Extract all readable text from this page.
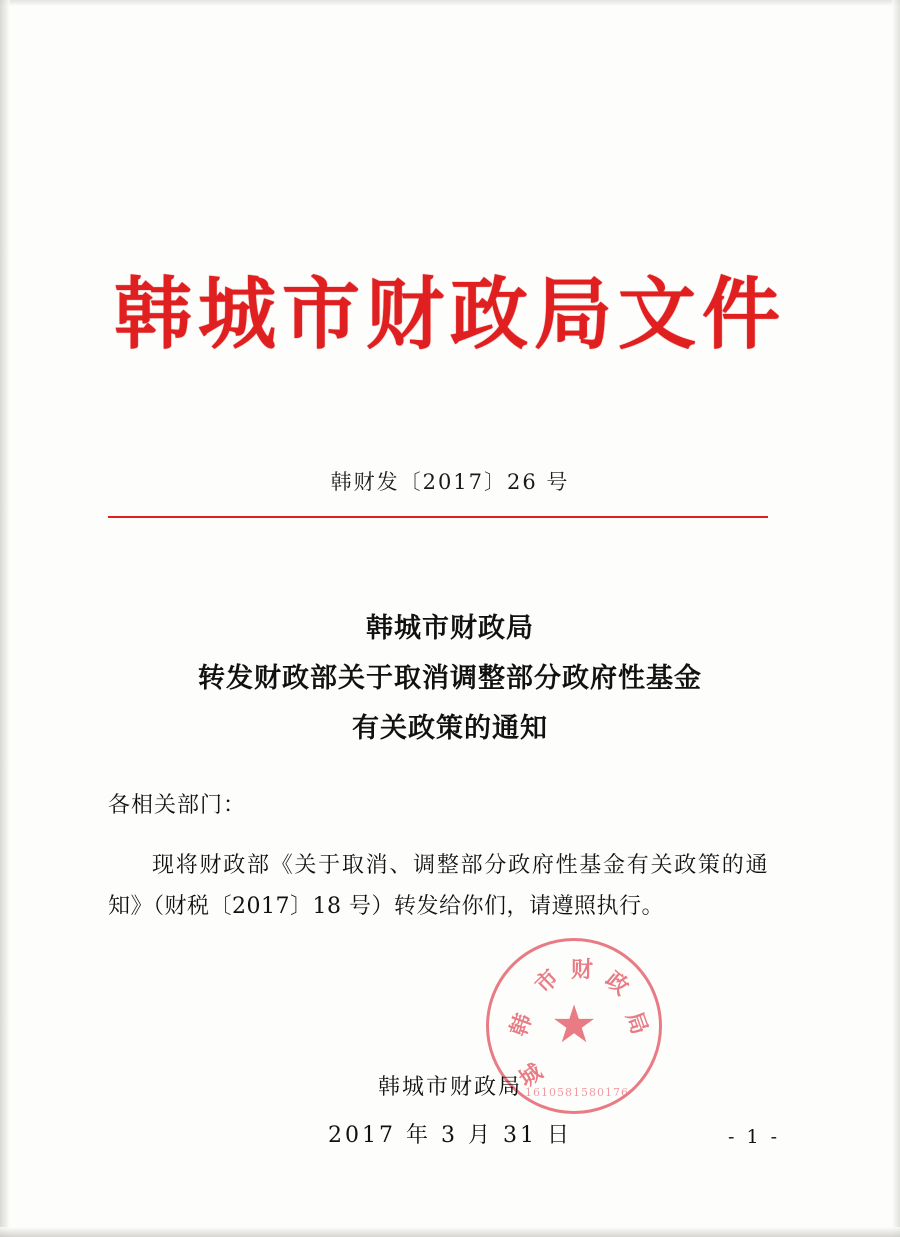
韩城市财政局文件
韩财发〔2017〕26 号
韩城市财政局
转发财政部关于取消调整部分政府性基金
有关政策的通知
各相关部门：
现将财政部《关于取消、调整部分政府性基金有关政策的通知》（财税〔2017〕18 号）转发给你们，请遵照执行。
韩
城
市 财 政
局
★
1610581580176
韩城市财政局
2017 年 3 月 31 日	- 1 -
